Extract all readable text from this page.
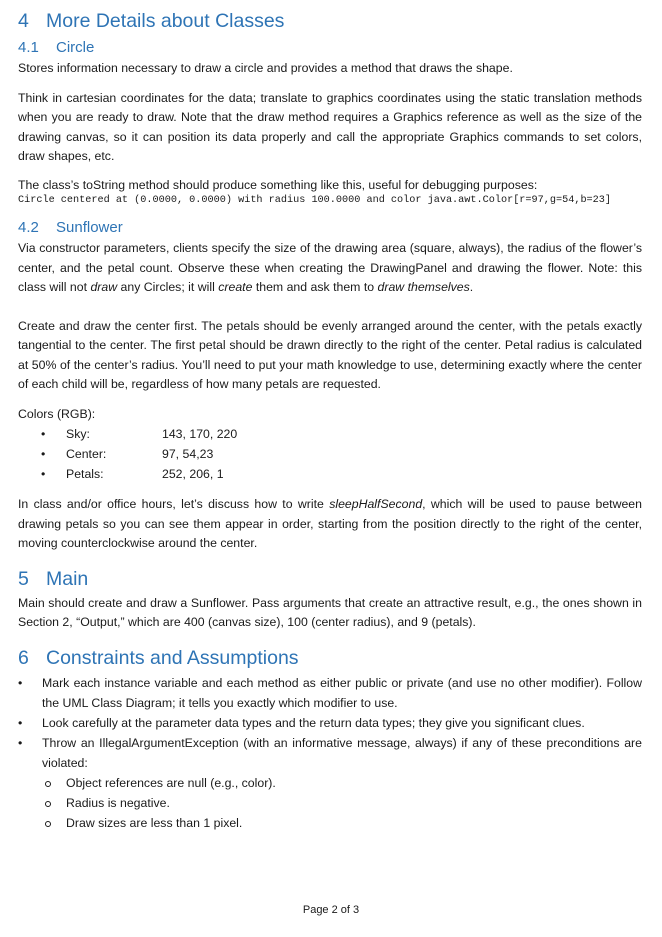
4 More Details about Classes
4.1 Circle

Stores information necessary to draw a circle and provides a method that draws the shape.

Think in cartesian coordinates for the data; translate to graphics coordinates using the static translation methods when you are ready to draw. Note that the draw method requires a Graphics reference as well as the size of the drawing canvas, so it can position its data properly and call the appropriate Graphics commands to set colors, draw shapes, etc.

The class’s toString method should produce something like this, useful for debugging purposes:

Circle centered at (0.0000, 0.0000) with radius 100.0000 and color java.awt.Color[r=97,g=54,b=23]
4.2 Sunflower

Via constructor parameters, clients specify the size of the drawing area (square, always), the radius of the flower’s center, and the petal count. Observe these when creating the DrawingPanel and drawing the flower. Note: this class will not draw any Circles; it will create them and ask them to draw themselves.

Create and draw the center first. The petals should be evenly arranged around the center, with the petals exactly tangential to the center. The first petal should be drawn directly to the right of the center. Petal radius is calculated at 50% of the center’s radius. You’ll need to put your math knowledge to use, determining exactly where the center of each child will be, regardless of how many petals are requested.

Colors (RGB):

• Sky:	143, 170, 220
• Center:	97, 54,23
• Petals:	252, 206, 1

In class and/or office hours, let’s discuss how to write sleepHalfSecond, which will be used to pause between drawing petals so you can see them appear in order, starting from the position directly to the right of the center, moving counterclockwise around the center.

5 Main

Main should create and draw a Sunflower. Pass arguments that create an attractive result, e.g., the ones shown in Section 2, “Output,” which are 400 (canvas size), 100 (center radius), and 9 (petals).

6 Constraints and Assumptions
• Mark each instance variable and each method as either public or private (and use no other modifier). Follow the UML Class Diagram; it tells you exactly which modifier to use.
• Look carefully at the parameter data types and the return data types; they give you significant clues.
• Throw an IllegalArgumentException (with an informative message, always) if any of these preconditions are violated:
Object references are null (e.g., color).
Radius is negative.
Draw sizes are less than 1 pixel.
Page 2 of 3
